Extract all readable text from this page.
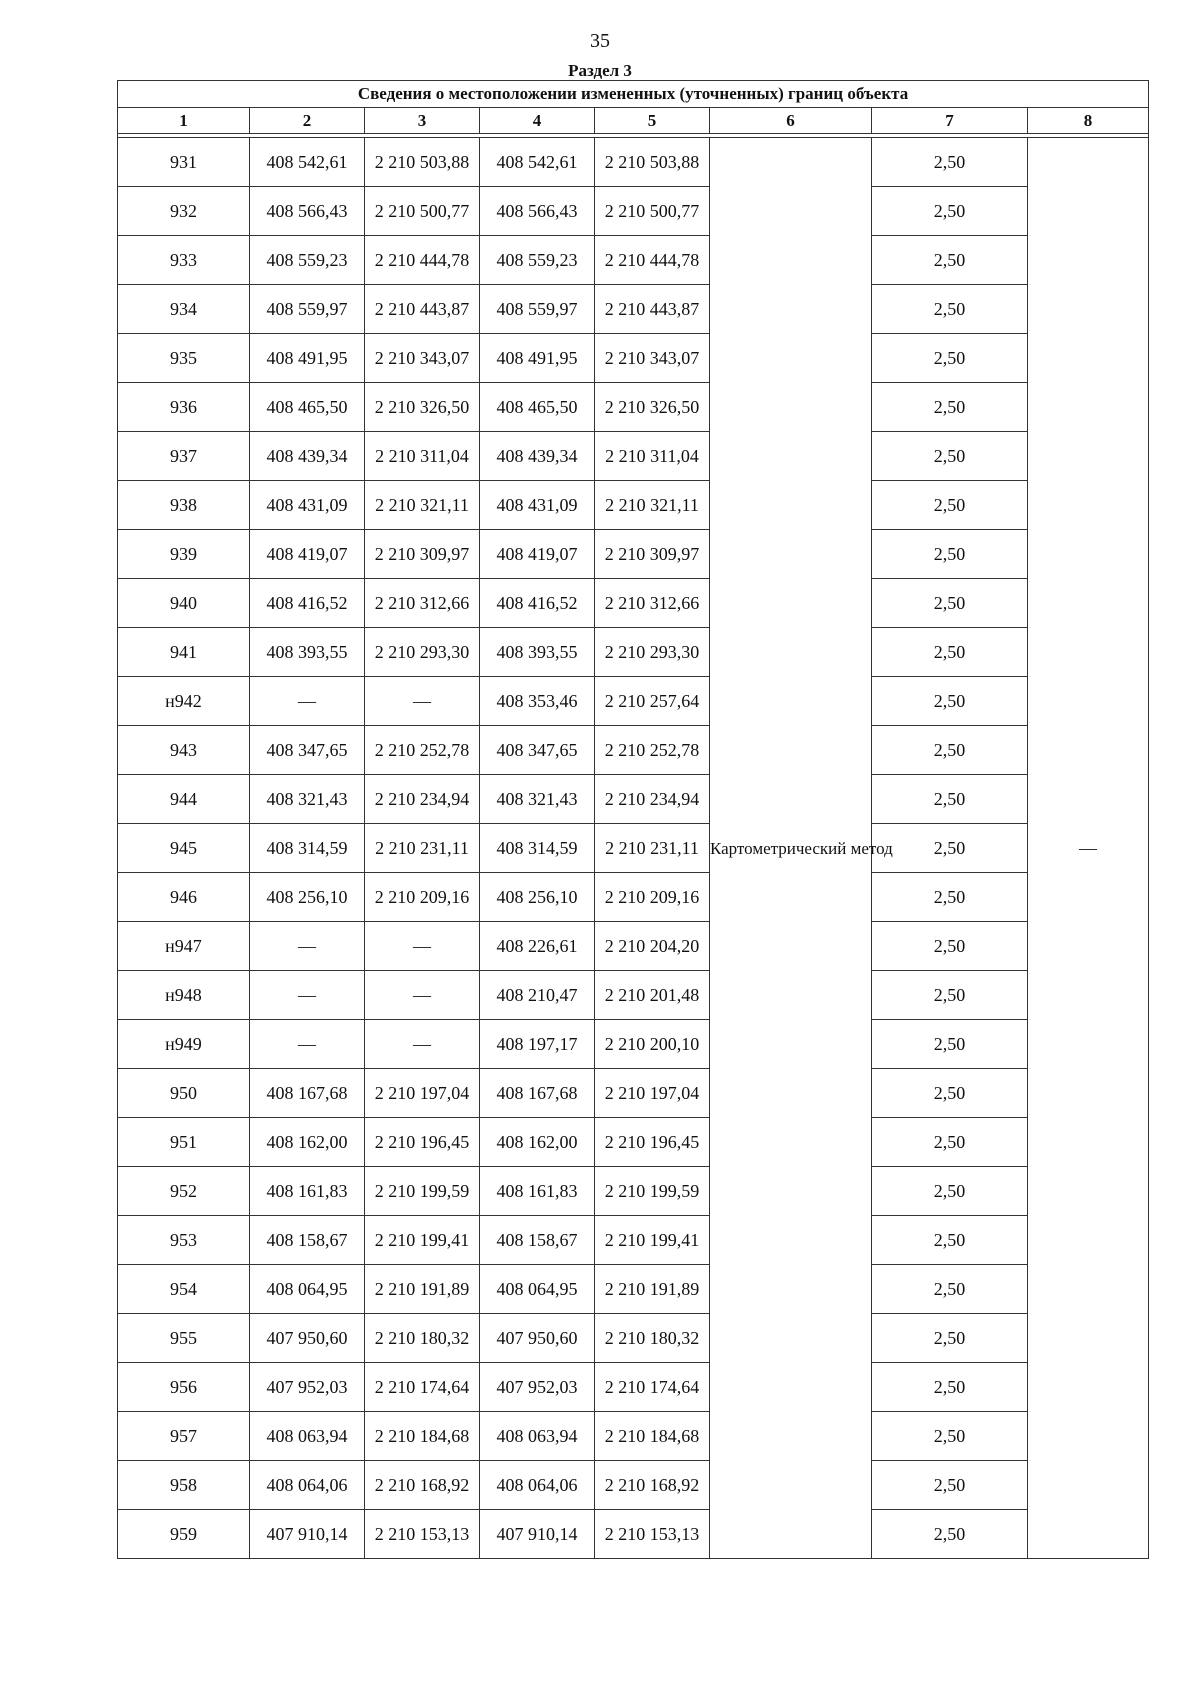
35
Раздел 3
Сведения о местоположении измененных (уточненных) границ объекта							
1	2	3	4	5	6	7	8

931	408 542,61	2 210 503,88	408 542,61	2 210 503,88	Картометрический метод	2,50	—
932	408 566,43	2 210 500,77	408 566,43	2 210 500,77		2,50	
933	408 559,23	2 210 444,78	408 559,23	2 210 444,78		2,50	
934	408 559,97	2 210 443,87	408 559,97	2 210 443,87		2,50	
935	408 491,95	2 210 343,07	408 491,95	2 210 343,07		2,50	
936	408 465,50	2 210 326,50	408 465,50	2 210 326,50		2,50	
937	408 439,34	2 210 311,04	408 439,34	2 210 311,04		2,50	
938	408 431,09	2 210 321,11	408 431,09	2 210 321,11		2,50	
939	408 419,07	2 210 309,97	408 419,07	2 210 309,97		2,50	
940	408 416,52	2 210 312,66	408 416,52	2 210 312,66		2,50	
941	408 393,55	2 210 293,30	408 393,55	2 210 293,30		2,50	
н942	—	—	408 353,46	2 210 257,64		2,50	
943	408 347,65	2 210 252,78	408 347,65	2 210 252,78		2,50	
944	408 321,43	2 210 234,94	408 321,43	2 210 234,94		2,50	
945	408 314,59	2 210 231,11	408 314,59	2 210 231,11		2,50	
946	408 256,10	2 210 209,16	408 256,10	2 210 209,16		2,50	
н947	—	—	408 226,61	2 210 204,20		2,50	
н948	—	—	408 210,47	2 210 201,48		2,50	
н949	—	—	408 197,17	2 210 200,10		2,50	
950	408 167,68	2 210 197,04	408 167,68	2 210 197,04		2,50	
951	408 162,00	2 210 196,45	408 162,00	2 210 196,45		2,50	
952	408 161,83	2 210 199,59	408 161,83	2 210 199,59		2,50	
953	408 158,67	2 210 199,41	408 158,67	2 210 199,41		2,50	
954	408 064,95	2 210 191,89	408 064,95	2 210 191,89		2,50	
955	407 950,60	2 210 180,32	407 950,60	2 210 180,32		2,50	
956	407 952,03	2 210 174,64	407 952,03	2 210 174,64		2,50	
957	408 063,94	2 210 184,68	408 063,94	2 210 184,68		2,50	
958	408 064,06	2 210 168,92	408 064,06	2 210 168,92		2,50	
959	407 910,14	2 210 153,13	407 910,14	2 210 153,13		2,50	
